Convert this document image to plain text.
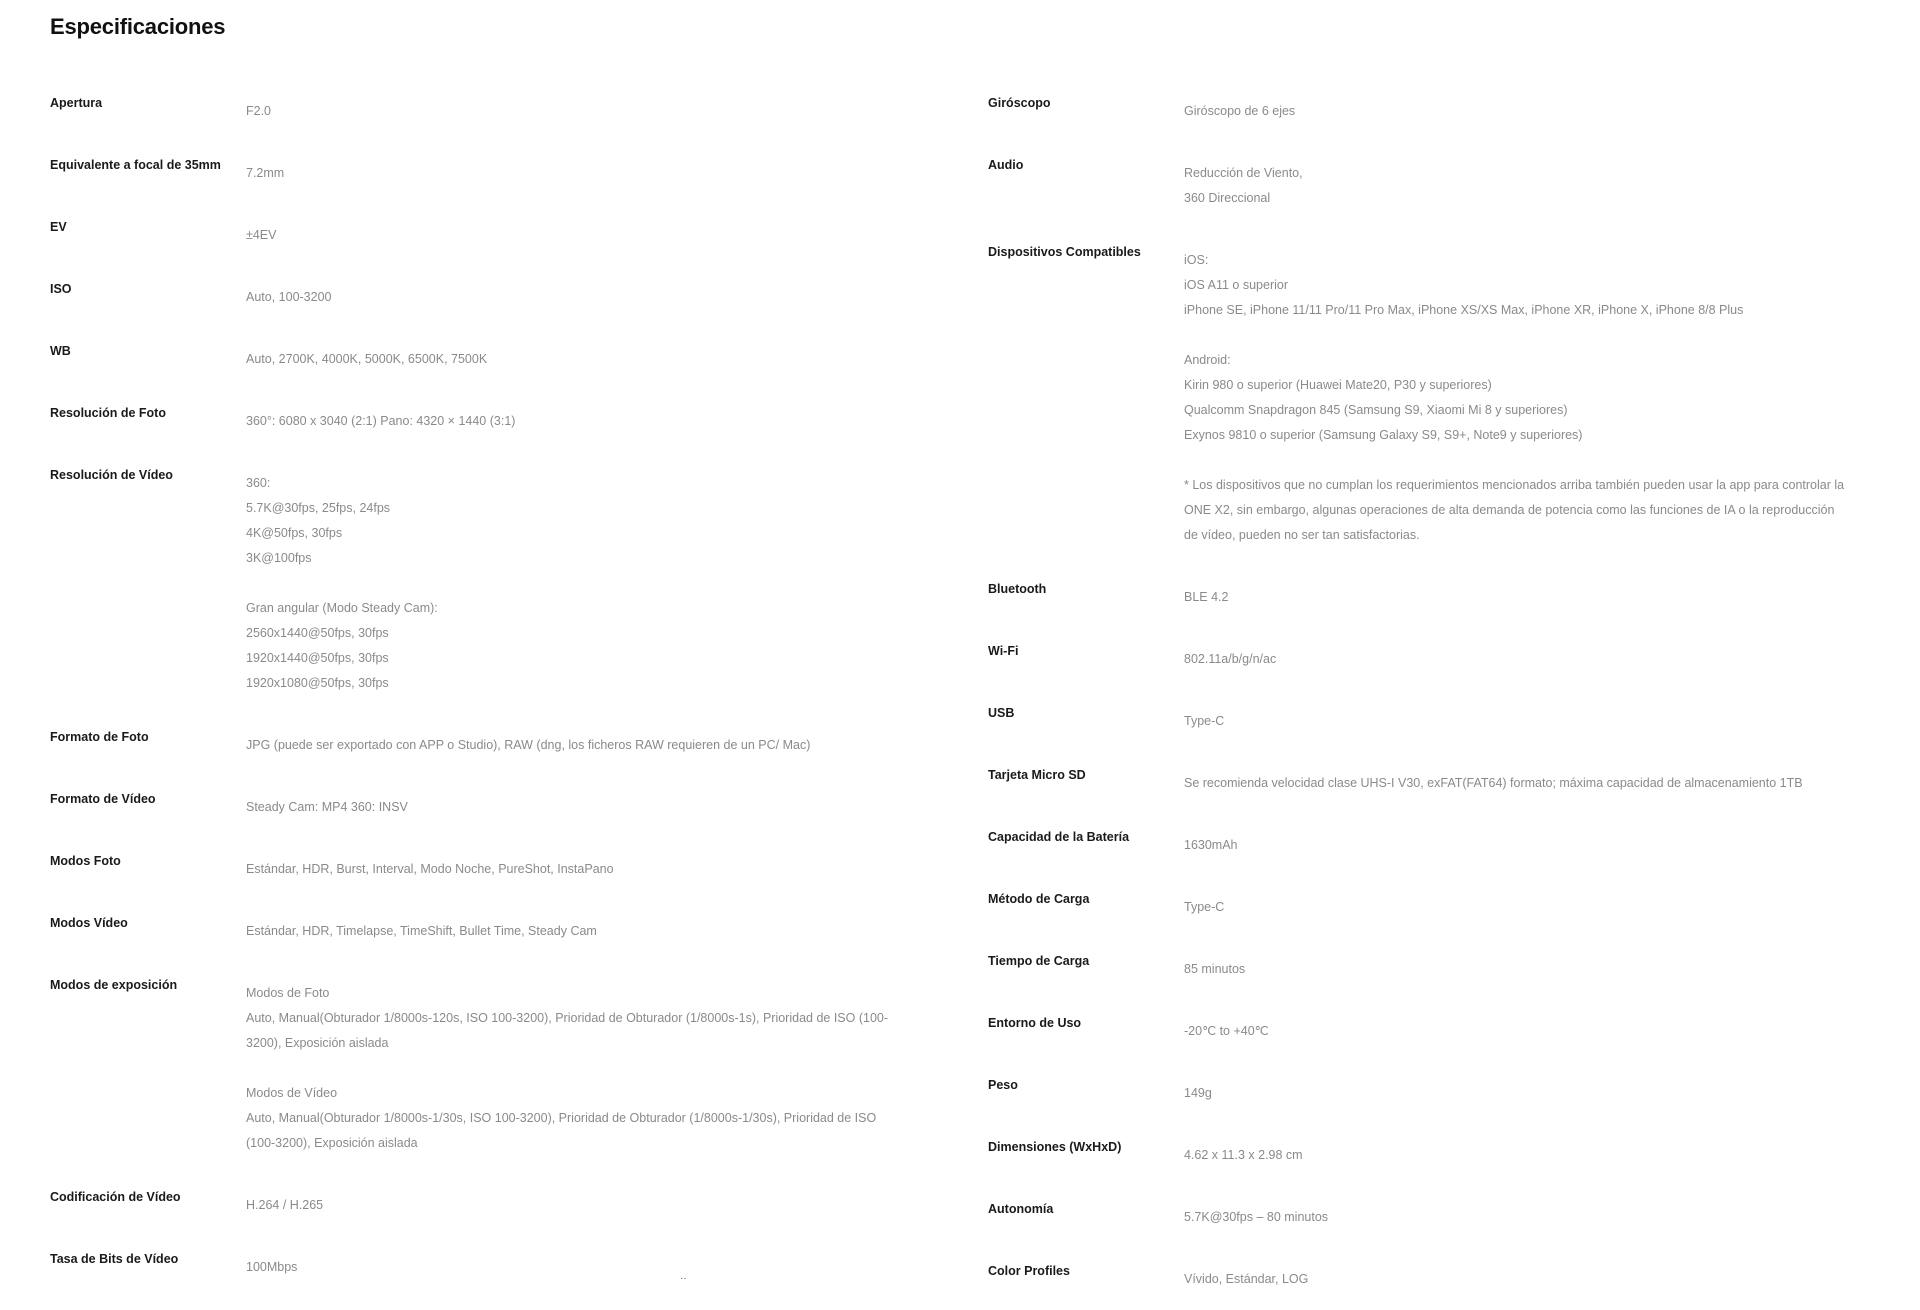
Especificaciones
Apertura
F2.0
Equivalente a focal de 35mm
7.2mm
EV
±4EV
ISO
Auto, 100-3200
WB
Auto, 2700K, 4000K, 5000K, 6500K, 7500K
Resolución de Foto
360°: 6080 x 3040 (2:1) Pano: 4320 × 1440 (3:1)
Resolución de Vídeo
360:
5.7K@30fps, 25fps, 24fps
4K@50fps, 30fps
3K@100fps
Gran angular (Modo Steady Cam):
2560x1440@50fps, 30fps
1920x1440@50fps, 30fps
1920x1080@50fps, 30fps
Formato de Foto
JPG (puede ser exportado con APP o Studio), RAW (dng, los ficheros RAW requieren de un PC/ Mac)
Formato de Vídeo
Steady Cam: MP4 360: INSV
Modos Foto
Estándar, HDR, Burst, Interval, Modo Noche, PureShot, InstaPano
Modos Vídeo
Estándar, HDR, Timelapse, TimeShift, Bullet Time, Steady Cam
Modos de exposición
Modos de Foto
Auto, Manual(Obturador 1/8000s-120s, ISO 100-3200), Prioridad de Obturador (1/8000s-1s), Prioridad de ISO (100-3200), Exposición aislada
Modos de Vídeo
Auto, Manual(Obturador 1/8000s-1/30s, ISO 100-3200), Prioridad de Obturador (1/8000s-1/30s), Prioridad de ISO (100-3200), Exposición aislada
Codificación de Vídeo
H.264 / H.265
Tasa de Bits de Vídeo
100Mbps
Giróscopo
Giróscopo de 6 ejes
Audio
Reducción de Viento,
360 Direccional
Dispositivos Compatibles
iOS:
iOS A11 o superior
iPhone SE, iPhone 11/11 Pro/11 Pro Max, iPhone XS/XS Max, iPhone XR, iPhone X, iPhone 8/8 Plus
Android:
Kirin 980 o superior (Huawei Mate20, P30 y superiores)
Qualcomm Snapdragon 845 (Samsung S9, Xiaomi Mi 8 y superiores)
Exynos 9810 o superior (Samsung Galaxy S9, S9+, Note9 y superiores)
* Los dispositivos que no cumplan los requerimientos mencionados arriba también pueden usar la app para controlar la ONE X2, sin embargo, algunas operaciones de alta demanda de potencia como las funciones de IA o la reproducción de vídeo, pueden no ser tan satisfactorias.
Bluetooth
BLE 4.2
Wi-Fi
802.11a/b/g/n/ac
USB
Type-C
Tarjeta Micro SD
Se recomienda velocidad clase UHS-I V30, exFAT(FAT64) formato; máxima capacidad de almacenamiento 1TB
Capacidad de la Batería
1630mAh
Método de Carga
Type-C
Tiempo de Carga
85 minutos
Entorno de Uso
-20℃ to +40℃
Peso
149g
Dimensiones (WxHxD)
4.62 x 11.3 x 2.98 cm
Autonomía
5.7K@30fps – 80 minutos
Color Profiles
Vívido, Estándar, LOG
··
